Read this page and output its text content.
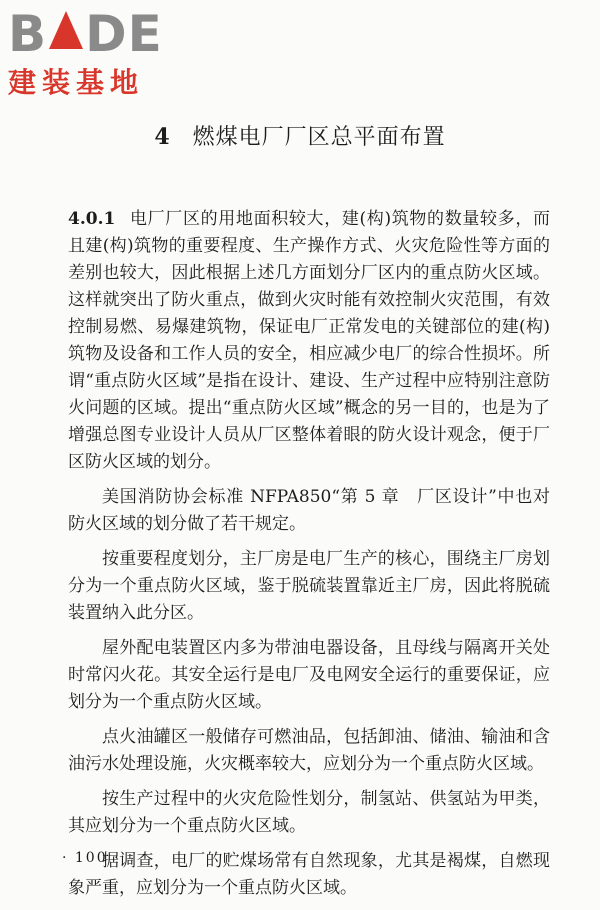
B DE
建装基地
4 燃煤电厂厂区总平面布置

4.0.1 电厂厂区的用地面积较大，建(构)筑物的数量较多，而且建(构)筑物的重要程度、生产操作方式、火灾危险性等方面的差别也较大，因此根据上述几方面划分厂区内的重点防火区域。这样就突出了防火重点，做到火灾时能有效控制火灾范围，有效控制易燃、易爆建筑物，保证电厂正常发电的关键部位的建(构)筑物及设备和工作人员的安全，相应减少电厂的综合性损坏。所谓“重点防火区域”是指在设计、建设、生产过程中应特别注意防火问题的区域。提出“重点防火区域”概念的另一目的，也是为了增强总图专业设计人员从厂区整体着眼的防火设计观念，便于厂区防火区域的划分。

美国消防协会标准 NFPA850“第 5 章　厂区设计”中也对防火区域的划分做了若干规定。

按重要程度划分，主厂房是电厂生产的核心，围绕主厂房划分为一个重点防火区域，鉴于脱硫装置靠近主厂房，因此将脱硫装置纳入此分区。

屋外配电装置区内多为带油电器设备，且母线与隔离开关处时常闪火花。其安全运行是电厂及电网安全运行的重要保证，应划分为一个重点防火区域。

点火油罐区一般储存可燃油品，包括卸油、储油、输油和含油污水处理设施，火灾概率较大，应划分为一个重点防火区域。

按生产过程中的火灾危险性划分，制氢站、供氢站为甲类，其应划分为一个重点防火区域。

据调查，电厂的贮煤场常有自然现象，尤其是褐煤，自燃现象严重，应划分为一个重点防火区域。

· 100 ·
